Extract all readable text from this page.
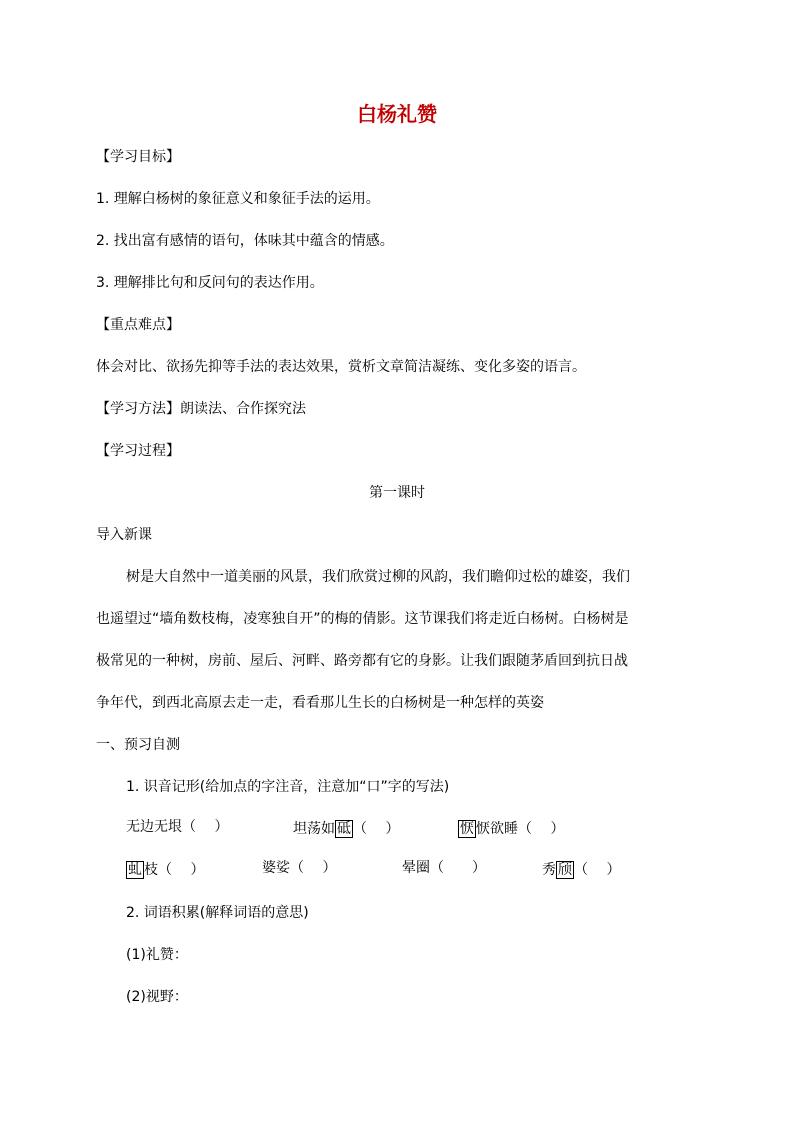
白杨礼赞
【学习目标】
1. 理解白杨树的象征意义和象征手法的运用。
2. 找出富有感情的语句，体味其中蕴含的情感。
3. 理解排比句和反问句的表达作用。
【重点难点】
体会对比、欲扬先抑等手法的表达效果，赏析文章简洁凝练、变化多姿的语言。
【学习方法】朗读法、合作探究法
【学习过程】
第一课时
导入新课
树是大自然中一道美丽的风景，我们欣赏过柳的风韵，我们瞻仰过松的雄姿，我们
也遥望过“墙角数枝梅，凌寒独自开”的梅的倩影。这节课我们将走近白杨树。白杨树是
极常见的一种树，房前、屋后、河畔、路旁都有它的身影。让我们跟随茅盾回到抗日战
争年代，到西北高原去走一走，看看那儿生长的白杨树是一种怎样的英姿
一、预习自测
1. 识音记形(给加点的字注音，注意加“口”字的写法)
无边无垠（　 ）	坦荡如 砥 （　 ）	恹 恹欲睡（　 ）
虬 枝（　 ）	婆娑（　 ）	晕圈（　　）	秀 颀 （　 ）
2. 词语积累(解释词语的意思)
(1)礼赞：
(2)视野：
